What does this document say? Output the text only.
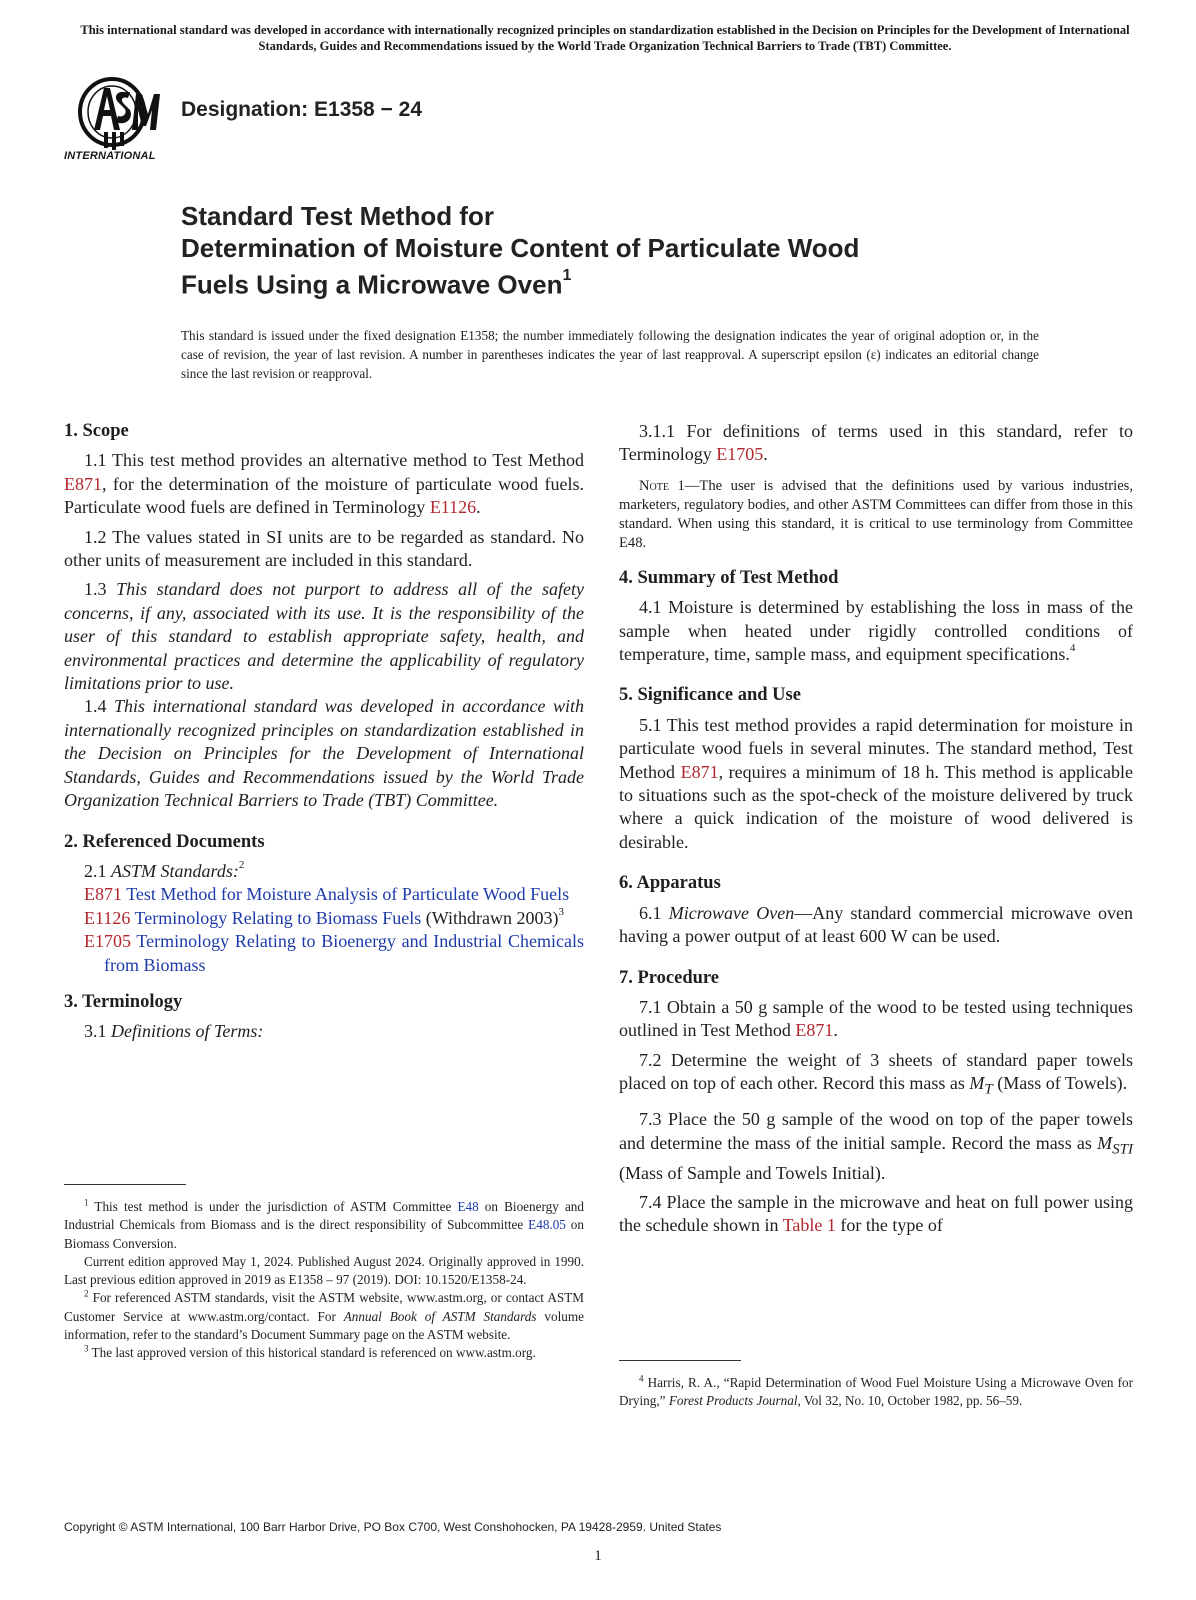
This international standard was developed in accordance with internationally recognized principles on standardization established in the Decision on Principles for the Development of International Standards, Guides and Recommendations issued by the World Trade Organization Technical Barriers to Trade (TBT) Committee.
INTERNATIONAL
Designation: E1358 − 24
Standard Test Method for
Determination of Moisture Content of Particulate Wood
Fuels Using a Microwave Oven$^1$
This standard is issued under the fixed designation E1358; the number immediately following the designation indicates the year of original adoption or, in the case of revision, the year of last revision. A number in parentheses indicates the year of last reapproval. A superscript epsilon (ε) indicates an editorial change since the last revision or reapproval.

1. Scope

1.1 This test method provides an alternative method to Test Method E871, for the determination of the moisture of particulate wood fuels. Particulate wood fuels are defined in Terminology E1126.

1.2 The values stated in SI units are to be regarded as standard. No other units of measurement are included in this standard.

1.3 This standard does not purport to address all of the safety concerns, if any, associated with its use. It is the responsibility of the user of this standard to establish appropriate safety, health, and environmental practices and determine the applicability of regulatory limitations prior to use.

1.4 This international standard was developed in accordance with internationally recognized principles on standardization established in the Decision on Principles for the Development of International Standards, Guides and Recommendations issued by the World Trade Organization Technical Barriers to Trade (TBT) Committee.

2. Referenced Documents

2.1 ASTM Standards:$^2$

E871 Test Method for Moisture Analysis of Particulate Wood Fuels

E1126 Terminology Relating to Biomass Fuels (Withdrawn 2003)$^3$

E1705 Terminology Relating to Bioenergy and Industrial Chemicals from Biomass

3. Terminology

3.1 Definitions of Terms:

$^1$ This test method is under the jurisdiction of ASTM Committee E48 on Bioenergy and Industrial Chemicals from Biomass and is the direct responsibility of Subcommittee E48.05 on Biomass Conversion.

Current edition approved May 1, 2024. Published August 2024. Originally approved in 1990. Last previous edition approved in 2019 as E1358 – 97 (2019). DOI: 10.1520/E1358-24.

$^2$ For referenced ASTM standards, visit the ASTM website, www.astm.org, or contact ASTM Customer Service at www.astm.org/contact. For Annual Book of ASTM Standards volume information, refer to the standard’s Document Summary page on the ASTM website.

$^3$ The last approved version of this historical standard is referenced on www.astm.org.

3.1.1 For definitions of terms used in this standard, refer to Terminology E1705.

Note 1—The user is advised that the definitions used by various industries, marketers, regulatory bodies, and other ASTM Committees can differ from those in this standard. When using this standard, it is critical to use terminology from Committee E48.

4. Summary of Test Method

4.1 Moisture is determined by establishing the loss in mass of the sample when heated under rigidly controlled conditions of temperature, time, sample mass, and equipment specifications.$^4$

5. Significance and Use

5.1 This test method provides a rapid determination for moisture in particulate wood fuels in several minutes. The standard method, Test Method E871, requires a minimum of 18 h. This method is applicable to situations such as the spot-check of the moisture delivered by truck where a quick indication of the moisture of wood delivered is desirable.

6. Apparatus

6.1 Microwave Oven—Any standard commercial microwave oven having a power output of at least 600 W can be used.

7. Procedure

7.1 Obtain a 50 g sample of the wood to be tested using techniques outlined in Test Method E871.

7.2 Determine the weight of 3 sheets of standard paper towels placed on top of each other. Record this mass as $M_T$ (Mass of Towels).

7.3 Place the 50 g sample of the wood on top of the paper towels and determine the mass of the initial sample. Record the mass as $M_{STI}$ (Mass of Sample and Towels Initial).

7.4 Place the sample in the microwave and heat on full power using the schedule shown in Table 1 for the type of

$^4$ Harris, R. A., “Rapid Determination of Wood Fuel Moisture Using a Microwave Oven for Drying,” Forest Products Journal, Vol 32, No. 10, October 1982, pp. 56–59.

Copyright © ASTM International, 100 Barr Harbor Drive, PO Box C700, West Conshohocken, PA 19428-2959. United States
1
